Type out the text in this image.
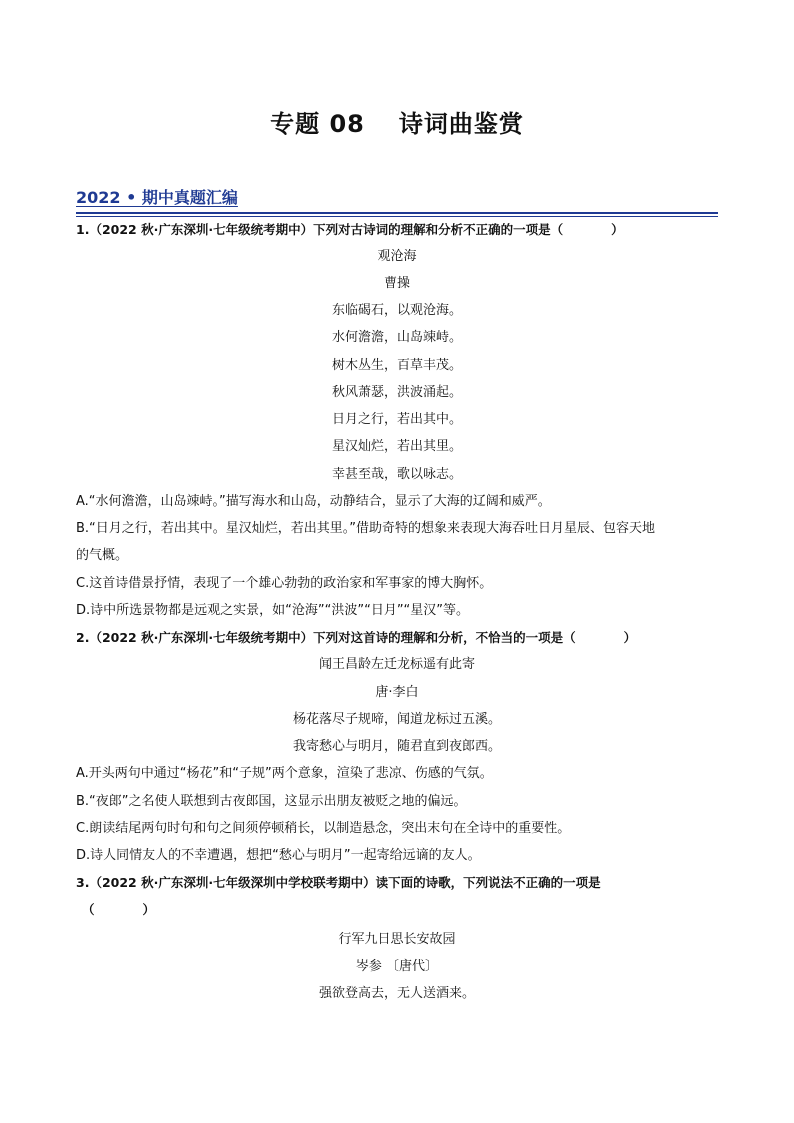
专题 08 诗词曲鉴赏
2022 • 期中真题汇编
1.（2022 秋·广东深圳·七年级统考期中）下列对古诗词的理解和分析不正确的一项是（	）
观沧海
曹操
东临碣石，以观沧海。
水何澹澹，山岛竦峙。
树木丛生，百草丰茂。
秋风萧瑟，洪波涌起。
日月之行，若出其中。
星汉灿烂，若出其里。
幸甚至哉，歌以咏志。
A.“水何澹澹，山岛竦峙。”描写海水和山岛，动静结合，显示了大海的辽阔和威严。
B.“日月之行，若出其中。星汉灿烂，若出其里。”借助奇特的想象来表现大海吞吐日月星辰、包容天地
的气概。
C.这首诗借景抒情，表现了一个雄心勃勃的政治家和军事家的博大胸怀。
D.诗中所选景物都是远观之实景，如“沧海”“洪波”“日月”“星汉”等。
2.（2022 秋·广东深圳·七年级统考期中）下列对这首诗的理解和分析，不恰当的一项是（	）
闻王昌龄左迁龙标遥有此寄
唐·李白
杨花落尽子规啼，闻道龙标过五溪。
我寄愁心与明月，随君直到夜郎西。
A.开头两句中通过“杨花”和“子规”两个意象，渲染了悲凉、伤感的气氛。
B.“夜郎”之名使人联想到古夜郎国，这显示出朋友被贬之地的偏远。
C.朗读结尾两句时句和句之间须停顿稍长，以制造悬念，突出末句在全诗中的重要性。
D.诗人同情友人的不幸遭遇，想把“愁心与明月”一起寄给远谪的友人。
3.（2022 秋·广东深圳·七年级深圳中学校联考期中）读下面的诗歌，下列说法不正确的一项是
（	）
行军九日思长安故园
岑参 〔唐代〕
强欲登高去，无人送酒来。
